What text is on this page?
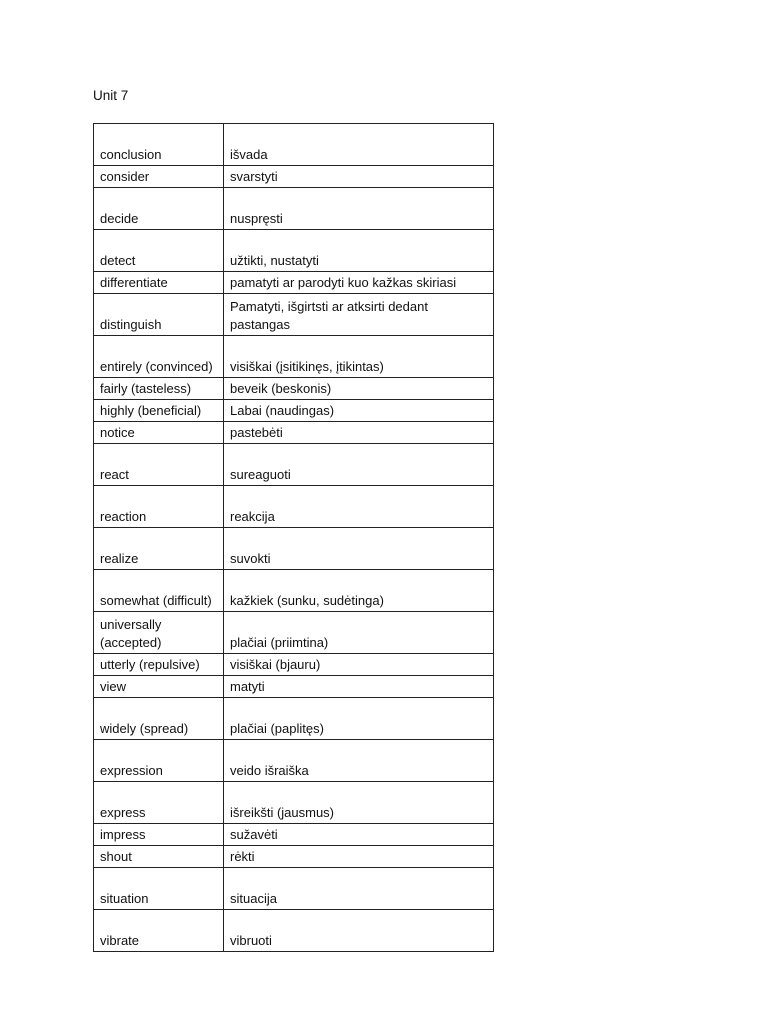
Unit 7
conclusion	išvada
consider	svarstyti
decide	nuspręsti
detect	užtikti, nustatyti
differentiate	pamatyti ar parodyti kuo kažkas skiriasi
distinguish	Pamatyti, išgirtsti ar atksirti dedant pastangas
entirely (convinced)	visiškai (įsitikinęs, įtikintas)
fairly (tasteless)	beveik (beskonis)
highly (beneficial)	Labai (naudingas)
notice	pastebėti
react	sureaguoti
reaction	reakcija
realize	suvokti
somewhat (difficult)	kažkiek (sunku, sudėtinga)
universally (accepted)	plačiai (priimtina)
utterly (repulsive)	visiškai (bjauru)
view	matyti
widely (spread)	plačiai (paplitęs)
expression	veido išraiška
express	išreikšti (jausmus)
impress	sužavėti
shout	rėkti
situation	situacija
vibrate	vibruoti
